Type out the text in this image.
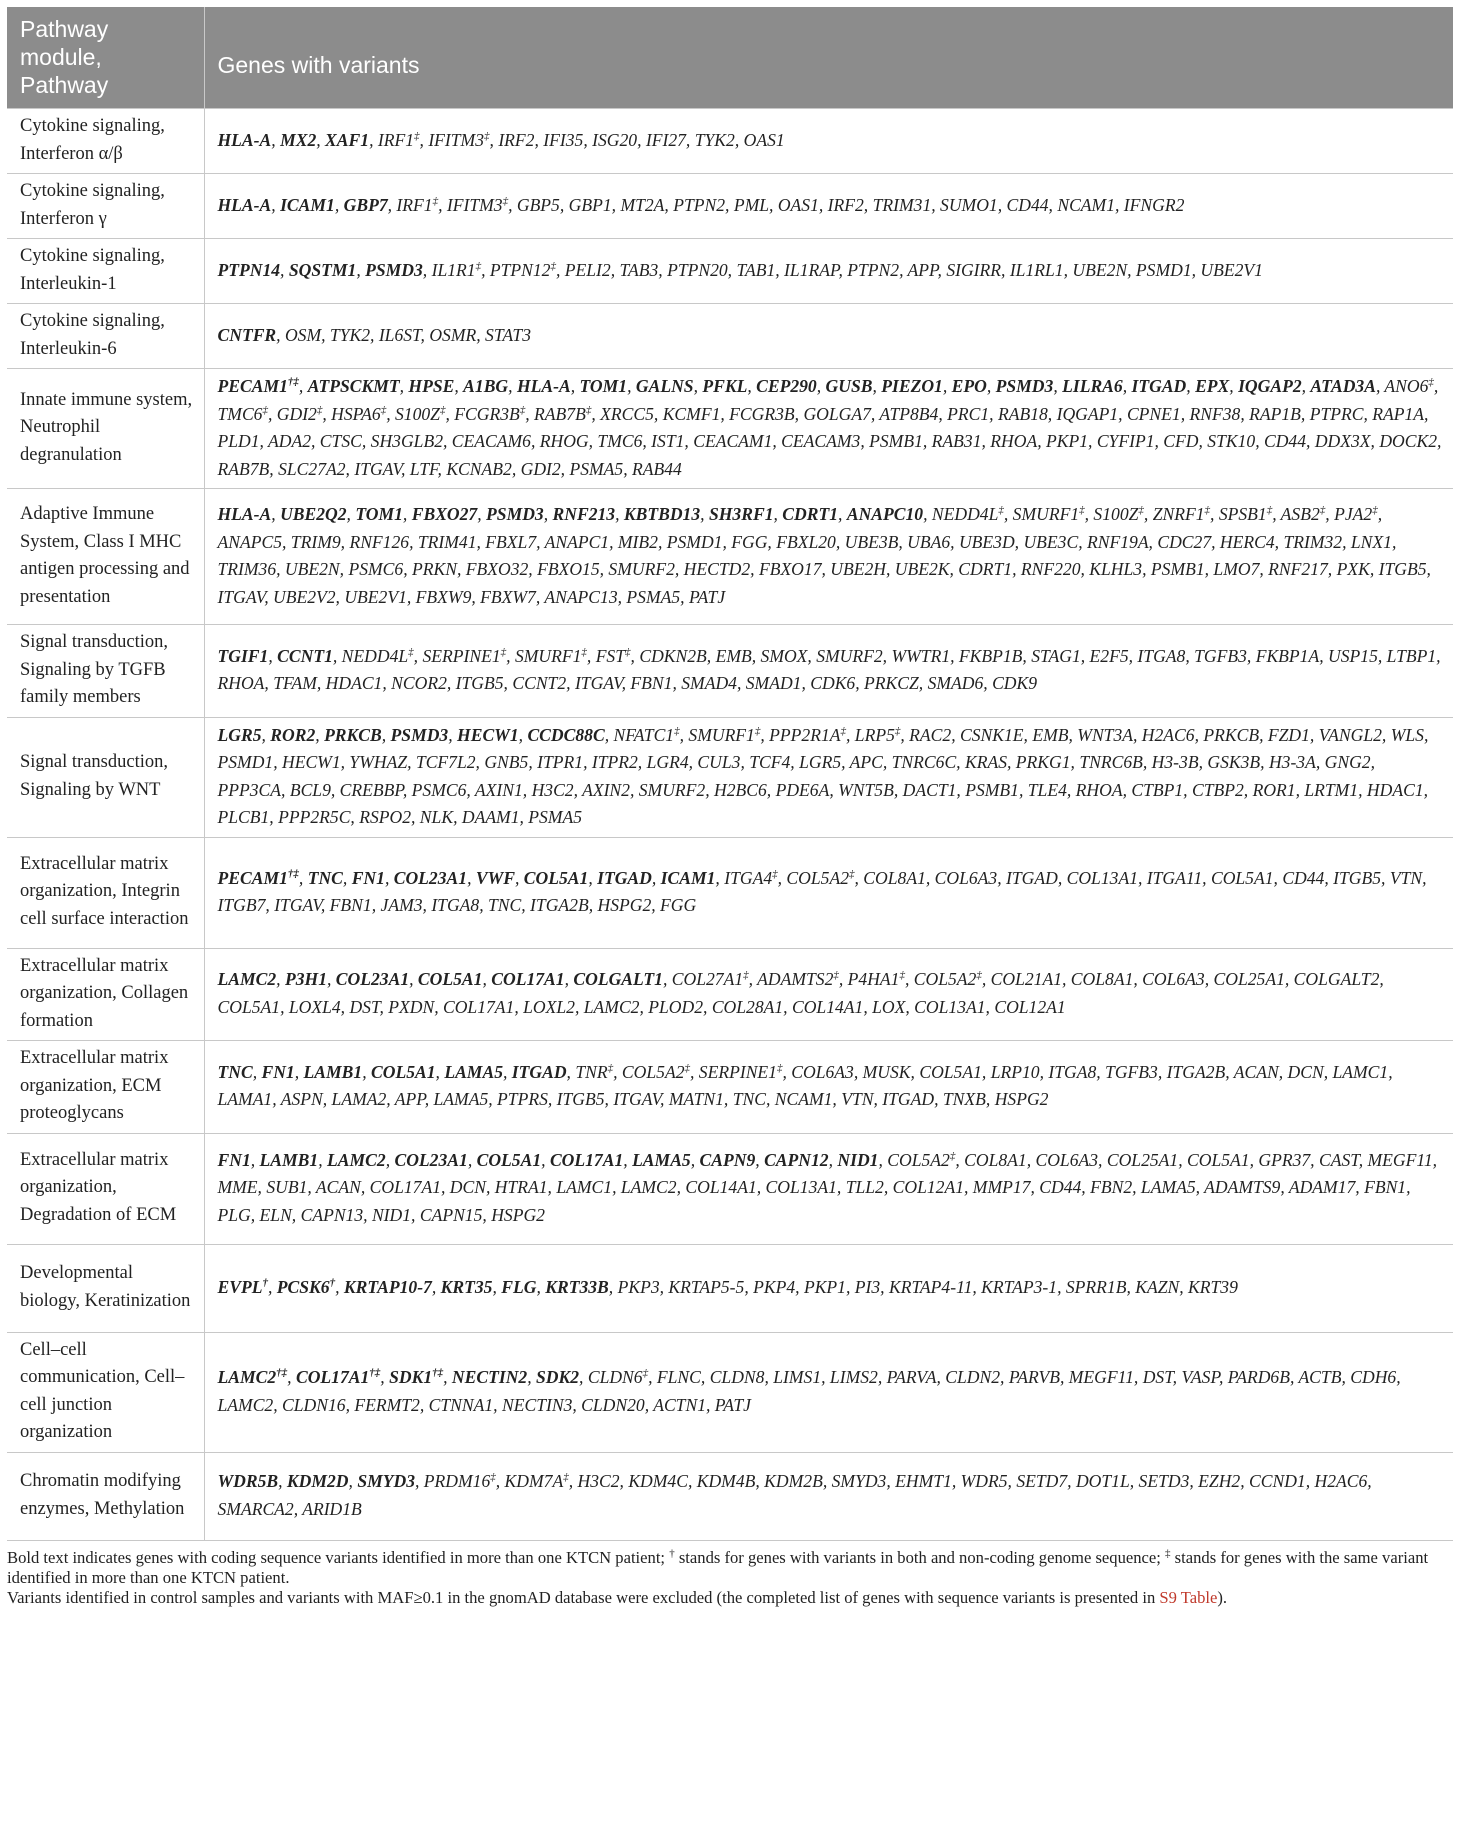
Pathway module, Pathway	Genes with variants
Cytokine signaling, Interferon α/β	HLA-A, MX2, XAF1, IRF1‡, IFITM3‡, IRF2, IFI35, ISG20, IFI27, TYK2, OAS1
Cytokine signaling, Interferon γ	HLA-A, ICAM1, GBP7, IRF1‡, IFITM3‡, GBP5, GBP1, MT2A, PTPN2, PML, OAS1, IRF2, TRIM31, SUMO1, CD44, NCAM1, IFNGR2
Cytokine signaling, Interleukin-1	PTPN14, SQSTM1, PSMD3, IL1R1‡, PTPN12‡, PELI2, TAB3, PTPN20, TAB1, IL1RAP, PTPN2, APP, SIGIRR, IL1RL1, UBE2N, PSMD1, UBE2V1
Cytokine signaling, Interleukin-6	CNTFR, OSM, TYK2, IL6ST, OSMR, STAT3
Innate immune system, Neutrophil degranulation	PECAM1†‡, ATPSCKMT, HPSE, A1BG, HLA-A, TOM1, GALNS, PFKL, CEP290, GUSB, PIEZO1, EPO, PSMD3, LILRA6, ITGAD, EPX, IQGAP2, ATAD3A, ANO6‡, TMC6‡, GDI2‡, HSPA6‡, S100Z‡, FCGR3B‡, RAB7B‡, XRCC5, KCMF1, FCGR3B, GOLGA7, ATP8B4, PRC1, RAB18, IQGAP1, CPNE1, RNF38, RAP1B, PTPRC, RAP1A, PLD1, ADA2, CTSC, SH3GLB2, CEACAM6, RHOG, TMC6, IST1, CEACAM1, CEACAM3, PSMB1, RAB31, RHOA, PKP1, CYFIP1, CFD, STK10, CD44, DDX3X, DOCK2, RAB7B, SLC27A2, ITGAV, LTF, KCNAB2, GDI2, PSMA5, RAB44
Adaptive Immune System, Class I MHC antigen processing and presentation	HLA-A, UBE2Q2, TOM1, FBXO27, PSMD3, RNF213, KBTBD13, SH3RF1, CDRT1, ANAPC10, NEDD4L‡, SMURF1‡, S100Z‡, ZNRF1‡, SPSB1‡, ASB2‡, PJA2‡, ANAPC5, TRIM9, RNF126, TRIM41, FBXL7, ANAPC1, MIB2, PSMD1, FGG, FBXL20, UBE3B, UBA6, UBE3D, UBE3C, RNF19A, CDC27, HERC4, TRIM32, LNX1, TRIM36, UBE2N, PSMC6, PRKN, FBXO32, FBXO15, SMURF2, HECTD2, FBXO17, UBE2H, UBE2K, CDRT1, RNF220, KLHL3, PSMB1, LMO7, RNF217, PXK, ITGB5, ITGAV, UBE2V2, UBE2V1, FBXW9, FBXW7, ANAPC13, PSMA5, PATJ
Signal transduction, Signaling by TGFB family members	TGIF1, CCNT1, NEDD4L‡, SERPINE1‡, SMURF1‡, FST‡, CDKN2B, EMB, SMOX, SMURF2, WWTR1, FKBP1B, STAG1, E2F5, ITGA8, TGFB3, FKBP1A, USP15, LTBP1, RHOA, TFAM, HDAC1, NCOR2, ITGB5, CCNT2, ITGAV, FBN1, SMAD4, SMAD1, CDK6, PRKCZ, SMAD6, CDK9
Signal transduction, Signaling by WNT	LGR5, ROR2, PRKCB, PSMD3, HECW1, CCDC88C, NFATC1‡, SMURF1‡, PPP2R1A‡, LRP5‡, RAC2, CSNK1E, EMB, WNT3A, H2AC6, PRKCB, FZD1, VANGL2, WLS, PSMD1, HECW1, YWHAZ, TCF7L2, GNB5, ITPR1, ITPR2, LGR4, CUL3, TCF4, LGR5, APC, TNRC6C, KRAS, PRKG1, TNRC6B, H3-3B, GSK3B, H3-3A, GNG2, PPP3CA, BCL9, CREBBP, PSMC6, AXIN1, H3C2, AXIN2, SMURF2, H2BC6, PDE6A, WNT5B, DACT1, PSMB1, TLE4, RHOA, CTBP1, CTBP2, ROR1, LRTM1, HDAC1, PLCB1, PPP2R5C, RSPO2, NLK, DAAM1, PSMA5
Extracellular matrix organization, Integrin cell surface interaction	PECAM1†‡, TNC, FN1, COL23A1, VWF, COL5A1, ITGAD, ICAM1, ITGA4‡, COL5A2‡, COL8A1, COL6A3, ITGAD, COL13A1, ITGA11, COL5A1, CD44, ITGB5, VTN, ITGB7, ITGAV, FBN1, JAM3, ITGA8, TNC, ITGA2B, HSPG2, FGG
Extracellular matrix organization, Collagen formation	LAMC2, P3H1, COL23A1, COL5A1, COL17A1, COLGALT1, COL27A1‡, ADAMTS2‡, P4HA1‡, COL5A2‡, COL21A1, COL8A1, COL6A3, COL25A1, COLGALT2, COL5A1, LOXL4, DST, PXDN, COL17A1, LOXL2, LAMC2, PLOD2, COL28A1, COL14A1, LOX, COL13A1, COL12A1
Extracellular matrix organization, ECM proteoglycans	TNC, FN1, LAMB1, COL5A1, LAMA5, ITGAD, TNR‡, COL5A2‡, SERPINE1‡, COL6A3, MUSK, COL5A1, LRP10, ITGA8, TGFB3, ITGA2B, ACAN, DCN, LAMC1, LAMA1, ASPN, LAMA2, APP, LAMA5, PTPRS, ITGB5, ITGAV, MATN1, TNC, NCAM1, VTN, ITGAD, TNXB, HSPG2
Extracellular matrix organization, Degradation of ECM	FN1, LAMB1, LAMC2, COL23A1, COL5A1, COL17A1, LAMA5, CAPN9, CAPN12, NID1, COL5A2‡, COL8A1, COL6A3, COL25A1, COL5A1, GPR37, CAST, MEGF11, MME, SUB1, ACAN, COL17A1, DCN, HTRA1, LAMC1, LAMC2, COL14A1, COL13A1, TLL2, COL12A1, MMP17, CD44, FBN2, LAMA5, ADAMTS9, ADAM17, FBN1, PLG, ELN, CAPN13, NID1, CAPN15, HSPG2
Developmental biology, Keratinization	EVPL†, PCSK6†, KRTAP10-7, KRT35, FLG, KRT33B, PKP3, KRTAP5-5, PKP4, PKP1, PI3, KRTAP4-11, KRTAP3-1, SPRR1B, KAZN, KRT39
Cell–cell communication, Cell–cell junction organization	LAMC2†‡, COL17A1†‡, SDK1†‡, NECTIN2, SDK2, CLDN6‡, FLNC, CLDN8, LIMS1, LIMS2, PARVA, CLDN2, PARVB, MEGF11, DST, VASP, PARD6B, ACTB, CDH6, LAMC2, CLDN16, FERMT2, CTNNA1, NECTIN3, CLDN20, ACTN1, PATJ
Chromatin modifying enzymes, Methylation	WDR5B, KDM2D, SMYD3, PRDM16‡, KDM7A‡, H3C2, KDM4C, KDM4B, KDM2B, SMYD3, EHMT1, WDR5, SETD7, DOT1L, SETD3, EZH2, CCND1, H2AC6, SMARCA2, ARID1B

Bold text indicates genes with coding sequence variants identified in more than one KTCN patient; † stands for genes with variants in both and non-coding genome sequence; ‡ stands for genes with the same variant identified in more than one KTCN patient.

Variants identified in control samples and variants with MAF≥0.1 in the gnomAD database were excluded (the completed list of genes with sequence variants is presented in S9 Table).
